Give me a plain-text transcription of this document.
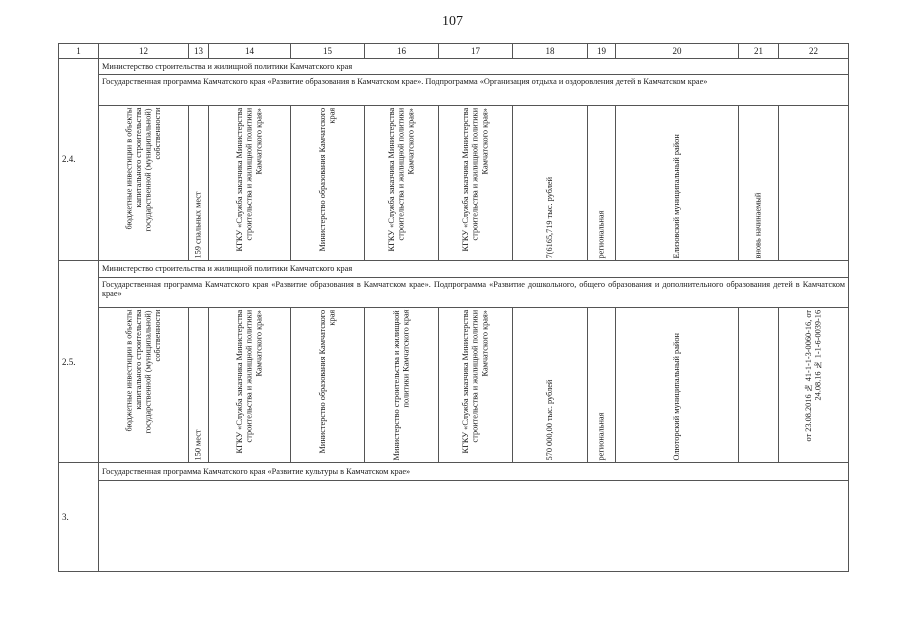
107
1	12	13	14	15	16	17	18	19	20	21	22
2.4.	Министерство строительства и жилищной политики Камчатского края										
	Государственная программа Камчатского края «Развитие образования в Камчатском крае». Подпрограмма «Организация отдыха и оздоровления детей в Камчатском крае»										

	бюджетные инвестиции в объекты капитального строительства государственной (муниципальной) собственности	159 спальных мест	КГКУ «Служба заказчика Министерства строительства и жилищной политики Камчатского края»	Министерство образования Камчатского края	КГКУ «Служба заказчика Министерства строительства и жилищной политики Камчатского края»	КГКУ «Служба заказчика Министерства строительства и жилищной политики Камчатского края»	7(6165,719 тыс. рублей	региональная	Елизовский муниципальный район	вновь начинаемый	

2.5.	Министерство строительства и жилищной политики Камчатского края										
	Государственная программа Камчатского края «Развитие образования в Камчатском крае». Подпрограмма «Развитие дошкольного, общего образования и дополнительного образования детей в Камчатском крае»										

	бюджетные инвестиции в объекты капитального строительства государственной (муниципальной) собственности	150 мест	КГКУ «Служба заказчика Министерства строительства и жилищной политики Камчатского края»	Министерство образования Камчатского края	Министерство строительства и жилищной политики Камчатского края	КГКУ «Служба заказчика Министерства строительства и жилищной политики Камчатского края»	570 000,00 тыс. рублей	региональная	Олюторский муниципальный район		от 23.08.2016 № 41-1-1-3-0060-16, от 24.08.16 № 1-1-6-0039-16

3.	Государственная программа Камчатского края «Развитие культуры в Камчатском крае»										
